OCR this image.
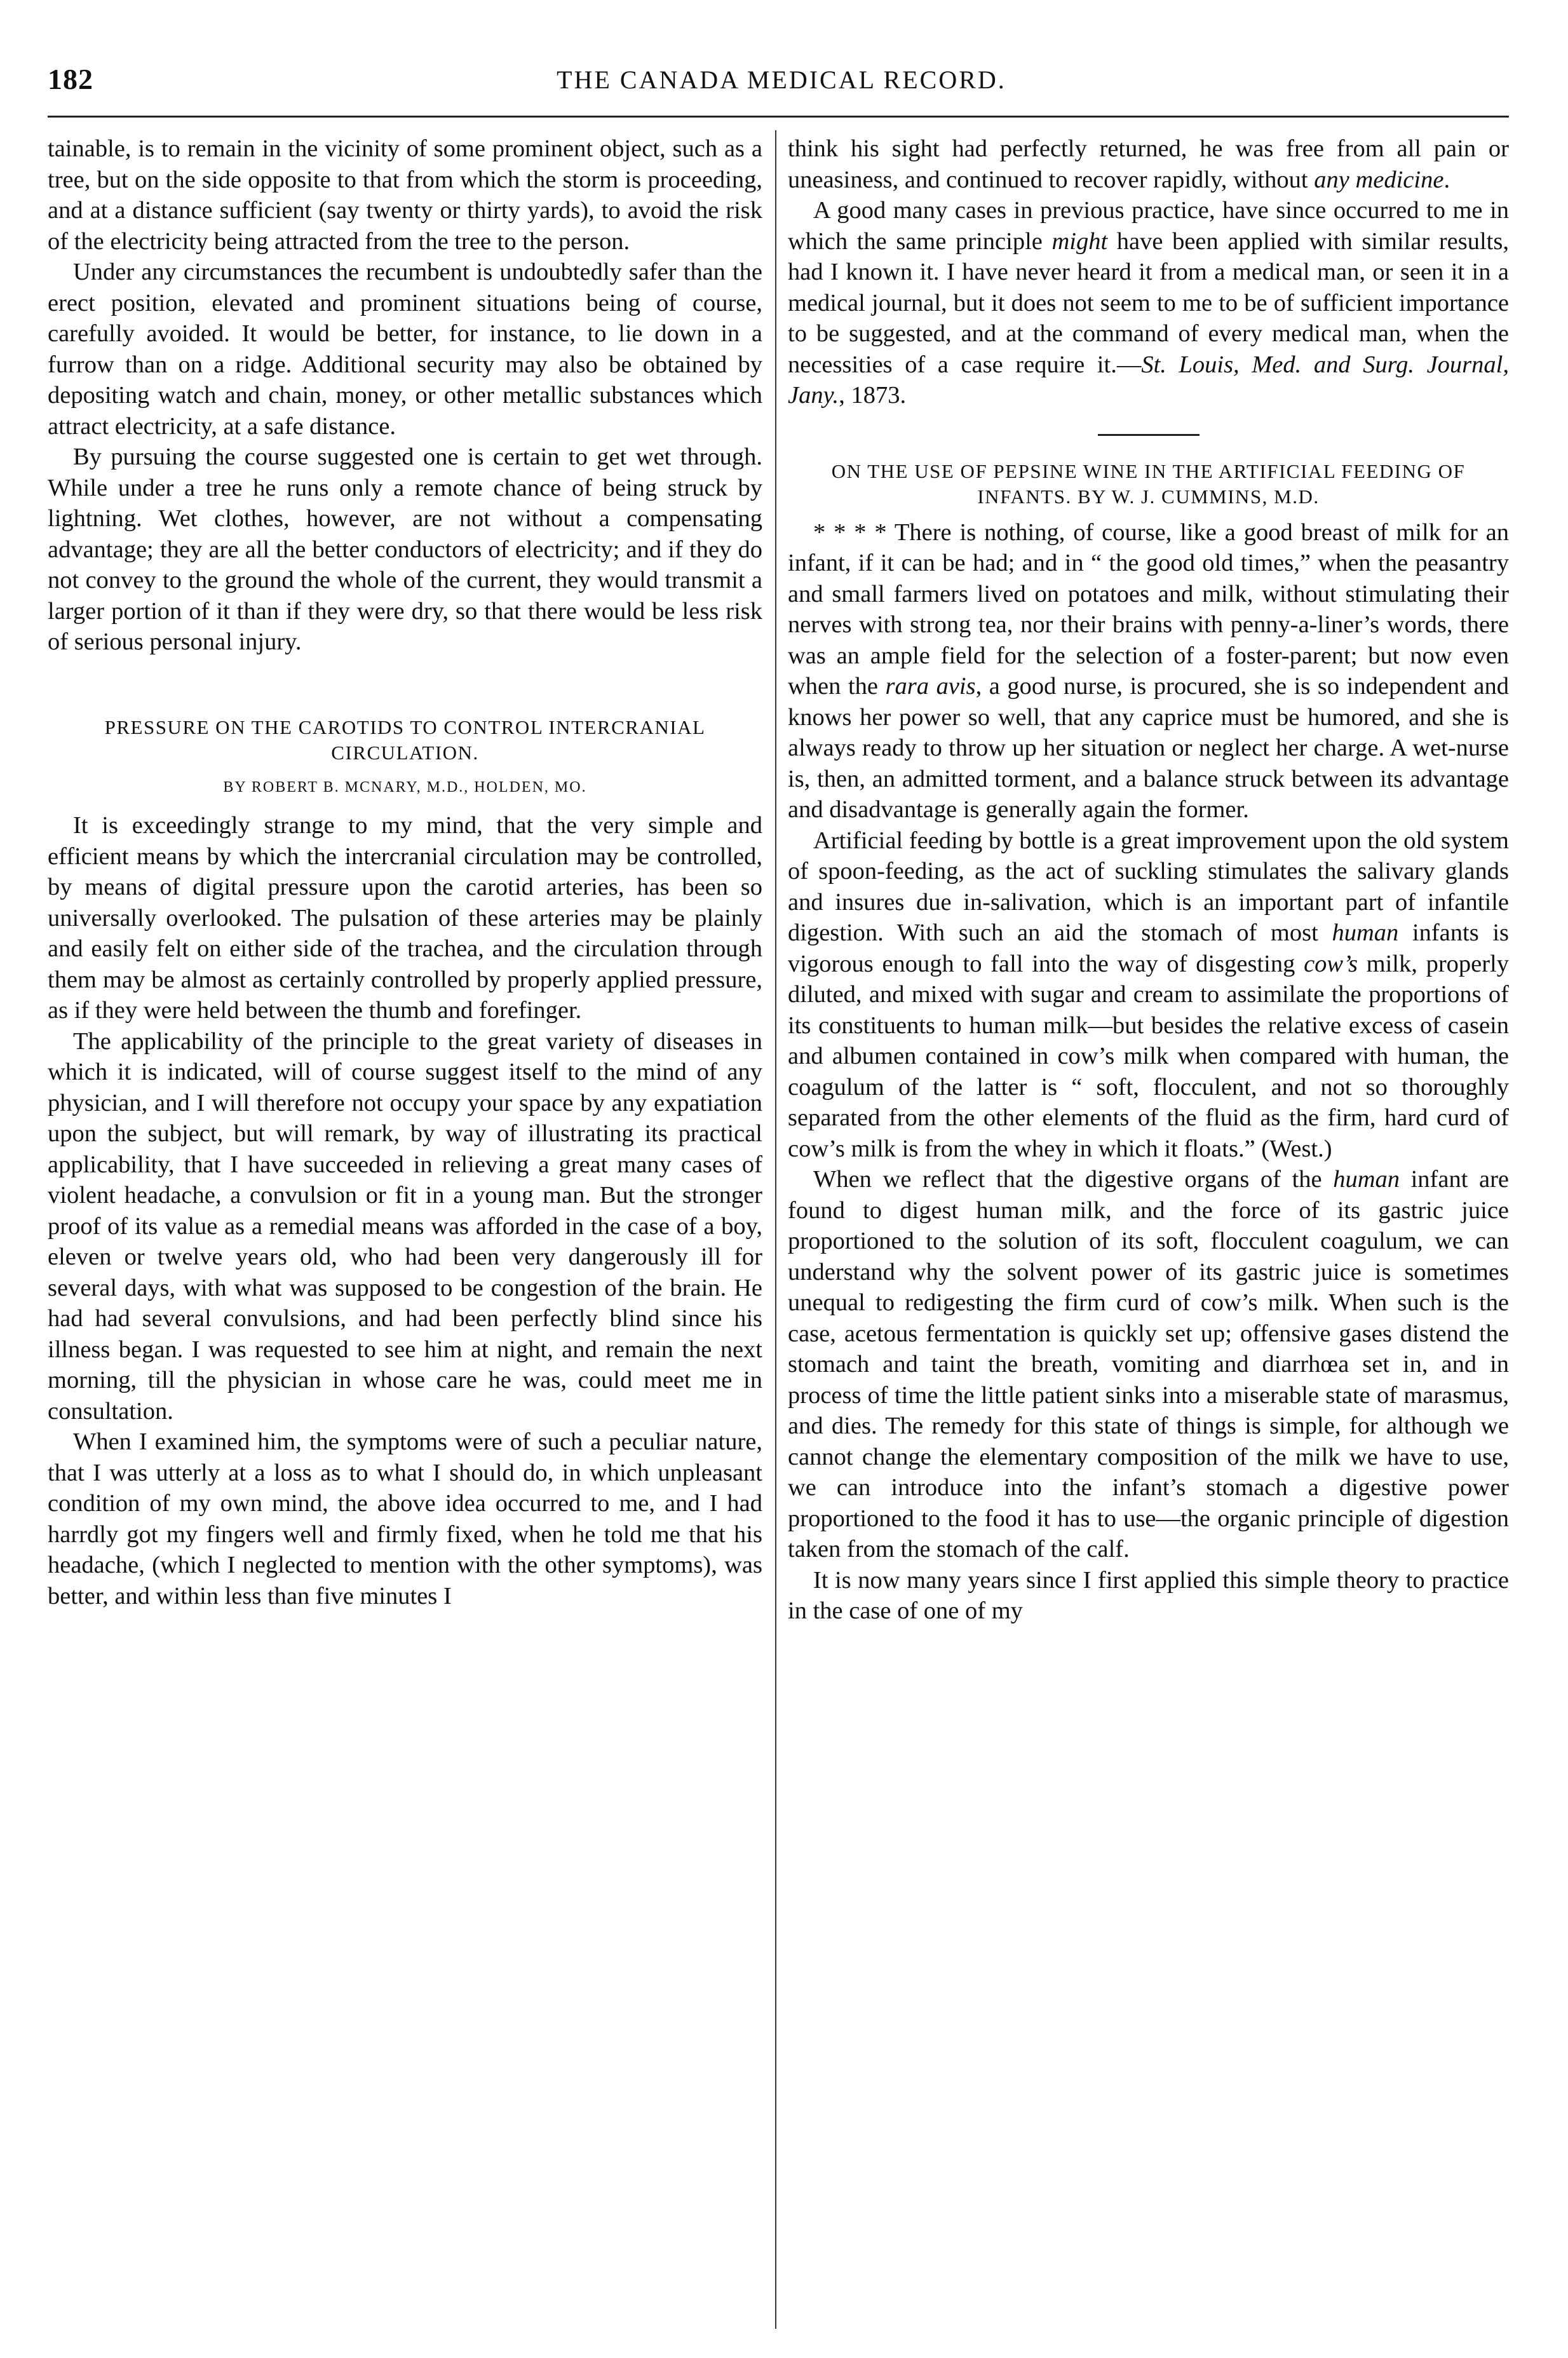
182	THE CANADA MEDICAL RECORD.

tainable, is to remain in the vicinity of some prominent object, such as a tree, but on the side opposite to that from which the storm is proceeding, and at a distance sufficient (say twenty or thirty yards), to avoid the risk of the electricity being attracted from the tree to the person.

Under any circumstances the recumbent is undoubtedly safer than the erect position, elevated and prominent situations being of course, carefully avoided. It would be better, for instance, to lie down in a furrow than on a ridge. Additional security may also be obtained by depositing watch and chain, money, or other metallic substances which attract electricity, at a safe distance.

By pursuing the course suggested one is certain to get wet through. While under a tree he runs only a remote chance of being struck by lightning. Wet clothes, however, are not without a compensating advantage; they are all the better conductors of electricity; and if they do not convey to the ground the whole of the current, they would transmit a larger portion of it than if they were dry, so that there would be less risk of serious personal injury.

PRESSURE ON THE CAROTIDS TO CONTROL INTERCRANIAL CIRCULATION.
BY ROBERT B. MCNARY, M.D., HOLDEN, MO.

It is exceedingly strange to my mind, that the very simple and efficient means by which the intercranial circulation may be controlled, by means of digital pressure upon the carotid arteries, has been so universally overlooked. The pulsation of these arteries may be plainly and easily felt on either side of the trachea, and the circulation through them may be almost as certainly controlled by properly applied pressure, as if they were held between the thumb and forefinger.

The applicability of the principle to the great variety of diseases in which it is indicated, will of course suggest itself to the mind of any physician, and I will therefore not occupy your space by any expatiation upon the subject, but will remark, by way of illustrating its practical applicability, that I have succeeded in relieving a great many cases of violent headache, a convulsion or fit in a young man. But the stronger proof of its value as a remedial means was afforded in the case of a boy, eleven or twelve years old, who had been very dangerously ill for several days, with what was supposed to be congestion of the brain. He had had several convulsions, and had been perfectly blind since his illness began. I was requested to see him at night, and remain the next morning, till the physician in whose care he was, could meet me in consultation.

When I examined him, the symptoms were of such a peculiar nature, that I was utterly at a loss as to what I should do, in which unpleasant condition of my own mind, the above idea occurred to me, and I had harrdly got my fingers well and firmly fixed, when he told me that his headache, (which I neglected to mention with the other symptoms), was better, and within less than five minutes I

think his sight had perfectly returned, he was free from all pain or uneasiness, and continued to recover rapidly, without any medicine.

A good many cases in previous practice, have since occurred to me in which the same principle might have been applied with similar results, had I known it. I have never heard it from a medical man, or seen it in a medical journal, but it does not seem to me to be of sufficient importance to be suggested, and at the command of every medical man, when the necessities of a case require it.—St. Louis, Med. and Surg. Journal, Jany., 1873.

ON THE USE OF PEPSINE WINE IN THE ARTIFICIAL FEEDING OF INFANTS. BY W. J. CUMMINS, M.D.

* * * * There is nothing, of course, like a good breast of milk for an infant, if it can be had; and in “ the good old times,” when the peasantry and small farmers lived on potatoes and milk, without stimulating their nerves with strong tea, nor their brains with penny-a-liner’s words, there was an ample field for the selection of a foster-parent; but now even when the rara avis, a good nurse, is procured, she is so independent and knows her power so well, that any caprice must be humored, and she is always ready to throw up her situation or neglect her charge. A wet-nurse is, then, an admitted torment, and a balance struck between its advantage and disadvantage is generally again the former.

Artificial feeding by bottle is a great improvement upon the old system of spoon-feeding, as the act of suckling stimulates the salivary glands and insures due in-salivation, which is an important part of infantile digestion. With such an aid the stomach of most human infants is vigorous enough to fall into the way of disgesting cow’s milk, properly diluted, and mixed with sugar and cream to assimilate the proportions of its constituents to human milk—but besides the relative excess of casein and albumen contained in cow’s milk when compared with human, the coagulum of the latter is “ soft, flocculent, and not so thoroughly separated from the other elements of the fluid as the firm, hard curd of cow’s milk is from the whey in which it floats.” (West.)

When we reflect that the digestive organs of the human infant are found to digest human milk, and the force of its gastric juice proportioned to the solution of its soft, flocculent coagulum, we can understand why the solvent power of its gastric juice is sometimes unequal to redigesting the firm curd of cow’s milk. When such is the case, acetous fermentation is quickly set up; offensive gases distend the stomach and taint the breath, vomiting and diarrhœa set in, and in process of time the little patient sinks into a miserable state of marasmus, and dies. The remedy for this state of things is simple, for although we cannot change the elementary composition of the milk we have to use, we can introduce into the infant’s stomach a digestive power proportioned to the food it has to use—the organic principle of digestion taken from the stomach of the calf.

It is now many years since I first applied this simple theory to practice in the case of one of my
